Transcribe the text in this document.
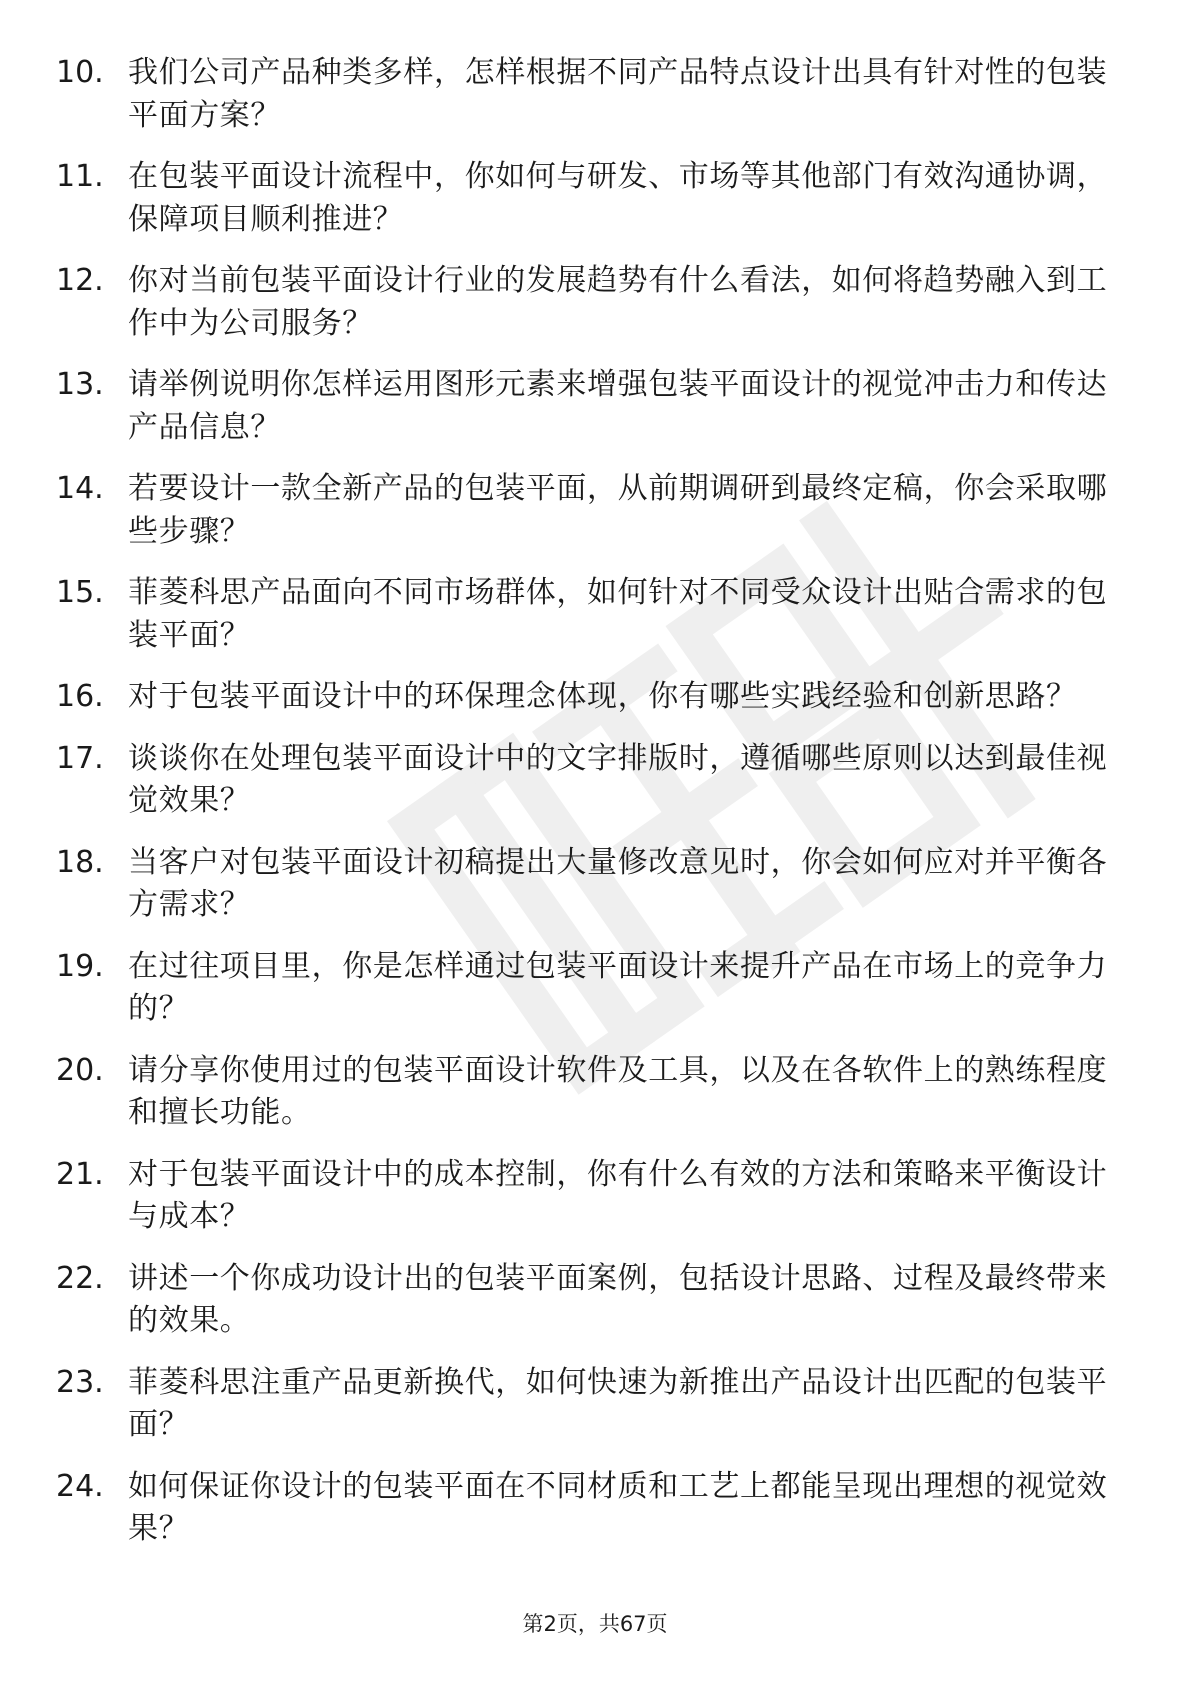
10. 我们公司产品种类多样，怎样根据不同产品特点设计出具有针对性的包装平面方案？
11. 在包装平面设计流程中，你如何与研发、市场等其他部门有效沟通协调，保障项目顺利推进？
12. 你对当前包装平面设计行业的发展趋势有什么看法，如何将趋势融入到工作中为公司服务？
13. 请举例说明你怎样运用图形元素来增强包装平面设计的视觉冲击力和传达产品信息？
14. 若要设计一款全新产品的包装平面，从前期调研到最终定稿，你会采取哪些步骤？
15. 菲菱科思产品面向不同市场群体，如何针对不同受众设计出贴合需求的包装平面？
16. 对于包装平面设计中的环保理念体现，你有哪些实践经验和创新思路？
17. 谈谈你在处理包装平面设计中的文字排版时，遵循哪些原则以达到最佳视觉效果？
18. 当客户对包装平面设计初稿提出大量修改意见时，你会如何应对并平衡各方需求？
19. 在过往项目里，你是怎样通过包装平面设计来提升产品在市场上的竞争力的？
20. 请分享你使用过的包装平面设计软件及工具，以及在各软件上的熟练程度和擅长功能。
21. 对于包装平面设计中的成本控制，你有什么有效的方法和策略来平衡设计与成本？
22. 讲述一个你成功设计出的包装平面案例，包括设计思路、过程及最终带来的效果。
23. 菲菱科思注重产品更新换代，如何快速为新推出产品设计出匹配的包装平面？
24. 如何保证你设计的包装平面在不同材质和工艺上都能呈现出理想的视觉效果？
第2页，共67页
